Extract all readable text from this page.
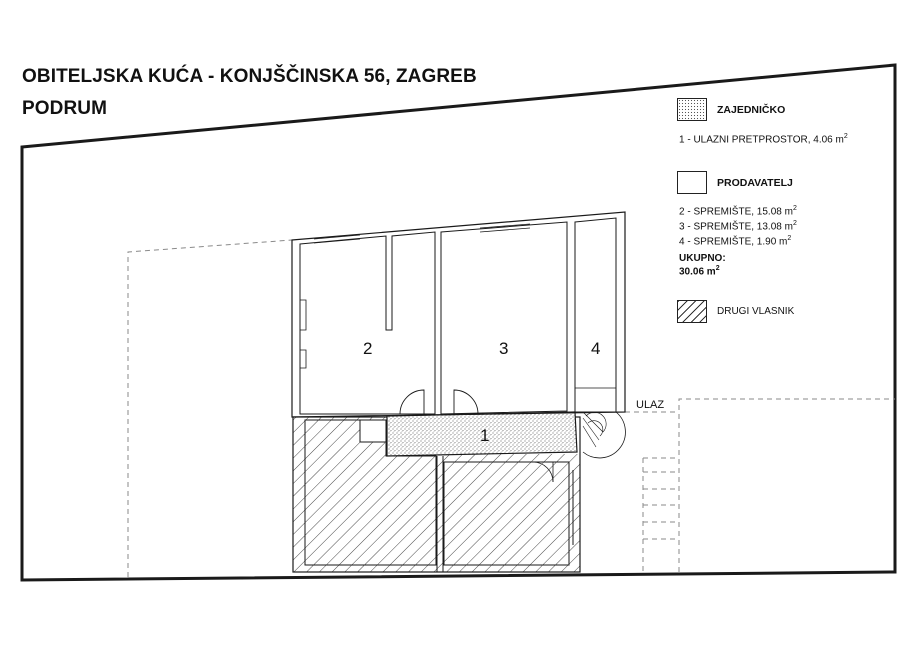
OBITELJSKA KUĆA - KONJŠČINSKA 56, ZAGREB
PODRUM	ZAJEDNIČKO
1 - ULAZNI PRETPROSTOR, 4.06 $m^2$
PRODAVATELJ
2 - SPREMIŠTE, 15.08 $m^2$
3 - SPREMIŠTE, 13.08 $m^2$
4 - SPREMIŠTE, 1.90 $m^2$
UKUPNO:
30.06 $m^2$
DRUGI VLASNIK
2	3	4
1
ULAZ
